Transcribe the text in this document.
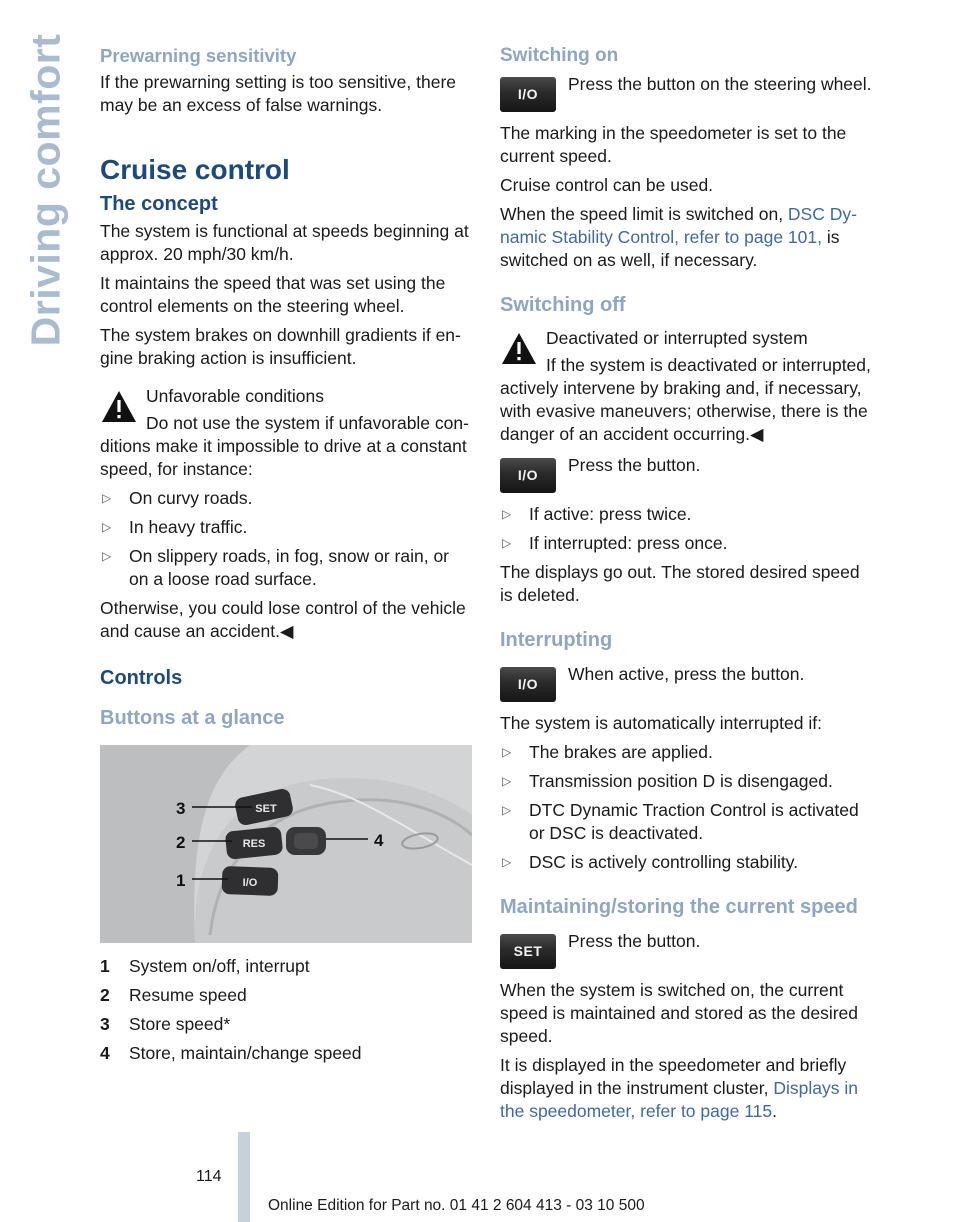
Driving comfort Prewarning sensitivity

If the prewarning setting is too sensitive, there may be an excess of false warnings.

Cruise control
The concept

The system is functional at speeds beginning at approx. 20 mph/30 km/h.

It maintains the speed that was set using the control elements on the steering wheel.

The system brakes on downhill gradients if en-gine braking action is insufficient.

Unfavorable conditions

Do not use the system if unfavorable con-ditions make it impossible to drive at a constant speed, for instance:

▷ On curvy roads.
▷ In heavy traffic.
▷ On slippery roads, in fog, snow or rain, or on a loose road surface.

Otherwise, you could lose control of the vehicle and cause an accident.◀

Controls
Buttons at a glance
SET
RES
I/O
3
2
1
4
1	System on/off, interrupt
2	Resume speed
3	Store speed*
4	Store, maintain/change speed
Switching on
I/O	Press the button on the steering wheel.

The marking in the speedometer is set to the current speed.

Cruise control can be used.

When the speed limit is switched on, DSC Dy-namic Stability Control, refer to page 101, is switched on as well, if necessary.

Switching off

Deactivated or interrupted system

If the system is deactivated or interrupted, actively intervene by braking and, if necessary, with evasive maneuvers; otherwise, there is the danger of an accident occurring.◀

I/O	Press the button.

▷ If active: press twice.
▷ If interrupted: press once.

The displays go out. The stored desired speed is deleted.

Interrupting
I/O	When active, press the button.

The system is automatically interrupted if:

▷ The brakes are applied.
▷ Transmission position D is disengaged.
▷ DTC Dynamic Traction Control is activated or DSC is deactivated.
▷ DSC is actively controlling stability.
Maintaining/storing the current speed
SET	Press the button.

When the system is switched on, the current speed is maintained and stored as the desired speed.

It is displayed in the speedometer and briefly displayed in the instrument cluster, Displays in the speedometer, refer to page 115.

114
Online Edition for Part no. 01 41 2 604 413 - 03 10 500
